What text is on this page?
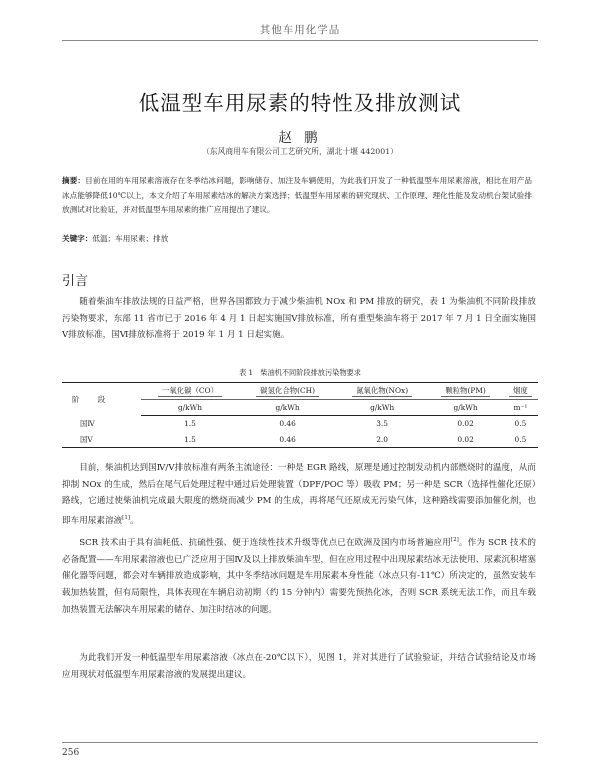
其他车用化学品
低温型车用尿素的特性及排放测试
赵 鹏
（东风商用车有限公司工艺研究所，湖北十堰 442001）
摘要：目前在用的车用尿素溶液存在冬季结冰问题，影响储存、加注及车辆使用，为此我们开发了一种低温型车用尿素溶液，相比在用产品冰点能够降低10℃以上，本文介绍了车用尿素结冰的解决方案选择；低温型车用尿素的研究现状、工作原理、理化性能及发动机台架试验排放测试对比验证，并对低温型车用尿素的推广应用提出了建议。
关键字：低温；车用尿素；排放
引言
随着柴油车排放法规的日益严格，世界各国都致力于减少柴油机 NOx 和 PM 排放的研究，表 1 为柴油机不同阶段排放污染物要求，东部 11 省市已于 2016 年 4 月 1 日起实施国Ⅴ排放标准，所有重型柴油车将于 2017 年 7 月 1 日全面实施国Ⅴ排放标准，国Ⅵ排放标准将于 2019 年 1 月 1 日起实施。
表 1　柴油机不同阶段排放污染物要求
阶 段	一氧化碳（CO）	碳氢化合物(CH)	氮氧化物(NOx)	颗粒物(PM)	烟度
	g/kWh	g/kWh	g/kWh	g/kWh	m⁻¹
国Ⅳ	1.5	0.46	3.5	0.02	0.5
国Ⅴ	1.5	0.46	2.0	0.02	0.5
目前，柴油机达到国Ⅳ/Ⅴ排放标准有两条主流途径：一种是 EGR 路线，原理是通过控制发动机内部燃烧时的温度，从而抑制 NOx 的生成，然后在尾气后处理过程中通过后处理装置（DPF/POC 等）吸收 PM；另一种是 SCR（选择性催化还原）路线，它通过使柴油机完成最大限度的燃烧而减少 PM 的生成，再将尾气还原成无污染气体，这种路线需要添加催化剂，也即车用尿素溶液[1]。
SCR 技术由于具有油耗低、抗硫性强、便于连续性技术升级等优点已在欧洲及国内市场普遍应用[2]。作为 SCR 技术的必备配置——车用尿素溶液也已广泛应用于国Ⅳ及以上排放柴油车型，但在应用过程中出现尿素结冰无法使用、尿素沉积堵塞催化器等问题，都会对车辆排放造成影响，其中冬季结冰问题是车用尿素本身性能（冰点只有-11℃）所决定的，虽然安装车载加热装置，但有局限性，具体表现在车辆启动初期（约 15 分钟内）需要先预热化冰，否则 SCR 系统无法工作，而且车载加热装置无法解决车用尿素的储存、加注时结冰的问题。
为此我们开发一种低温型车用尿素溶液（冰点在-20℃以下），见图 1，并对其进行了试验验证，并结合试验结论及市场应用现状对低温型车用尿素溶液的发展提出建议。
256
